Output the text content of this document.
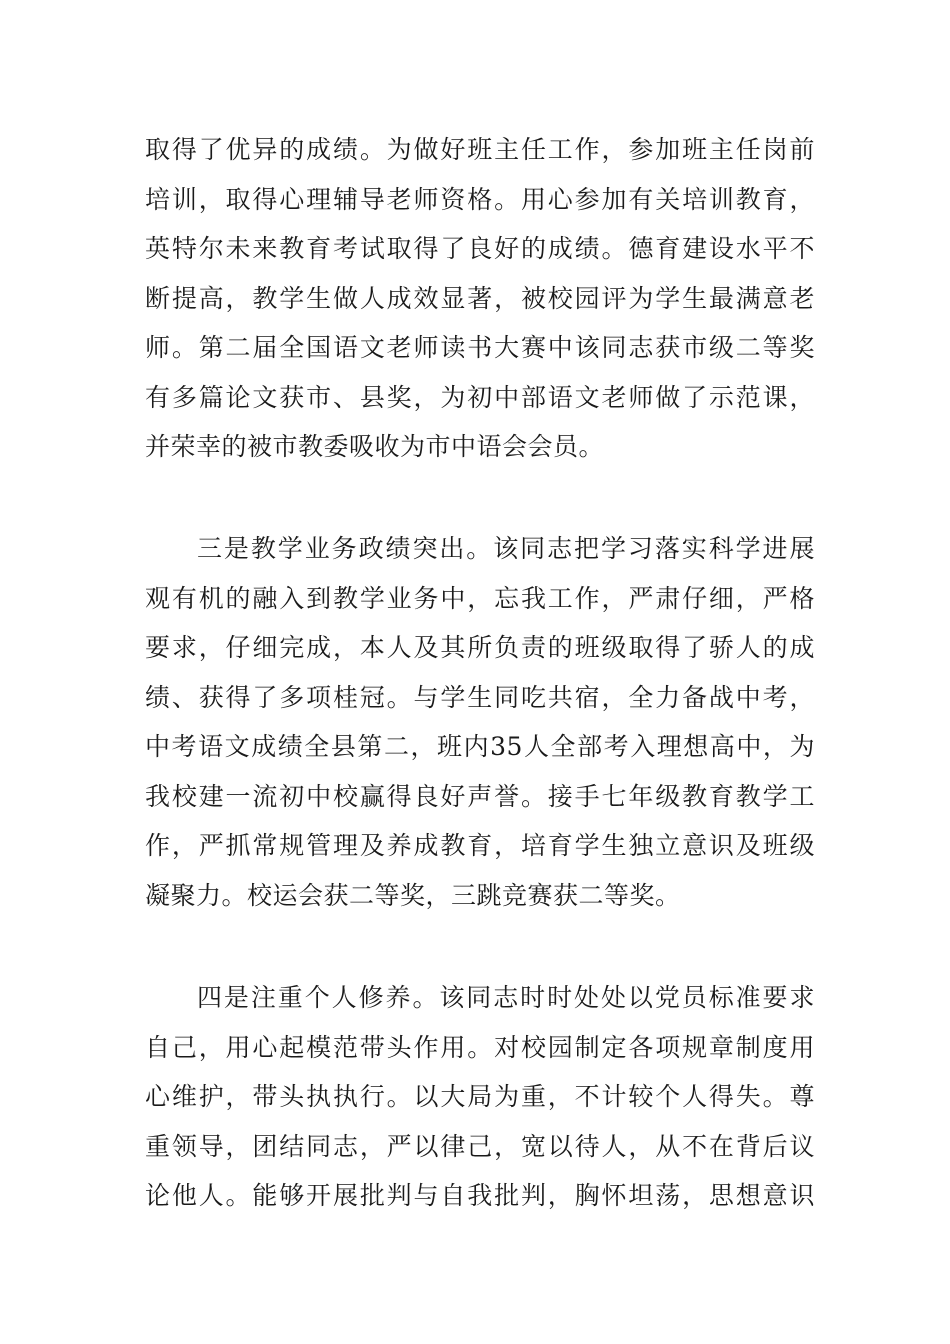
取得了优异的成绩。为做好班主任工作，参加班主任岗前
培训，取得心理辅导老师资格。用心参加有关培训教育，
英特尔未来教育考试取得了良好的成绩。德育建设水平不
断提高，教学生做人成效显著，被校园评为学生最满意老
师。第二届全国语文老师读书大赛中该同志获市级二等奖
有多篇论文获市、县奖，为初中部语文老师做了示范课，
并荣幸的被市教委吸收为市中语会会员。
三是教学业务政绩突出。该同志把学习落实科学进展
观有机的融入到教学业务中，忘我工作，严肃仔细，严格
要求，仔细完成，本人及其所负责的班级取得了骄人的成
绩、获得了多项桂冠。与学生同吃共宿，全力备战中考，
中考语文成绩全县第二，班内35人全部考入理想高中，为
我校建一流初中校赢得良好声誉。接手七年级教育教学工
作，严抓常规管理及养成教育，培育学生独立意识及班级
凝聚力。校运会获二等奖，三跳竞赛获二等奖。
四是注重个人修养。该同志时时处处以党员标准要求
自己，用心起模范带头作用。对校园制定各项规章制度用
心维护，带头执执行。以大局为重，不计较个人得失。尊
重领导，团结同志，严以律己，宽以待人，从不在背后议
论他人。能够开展批判与自我批判，胸怀坦荡，思想意识
